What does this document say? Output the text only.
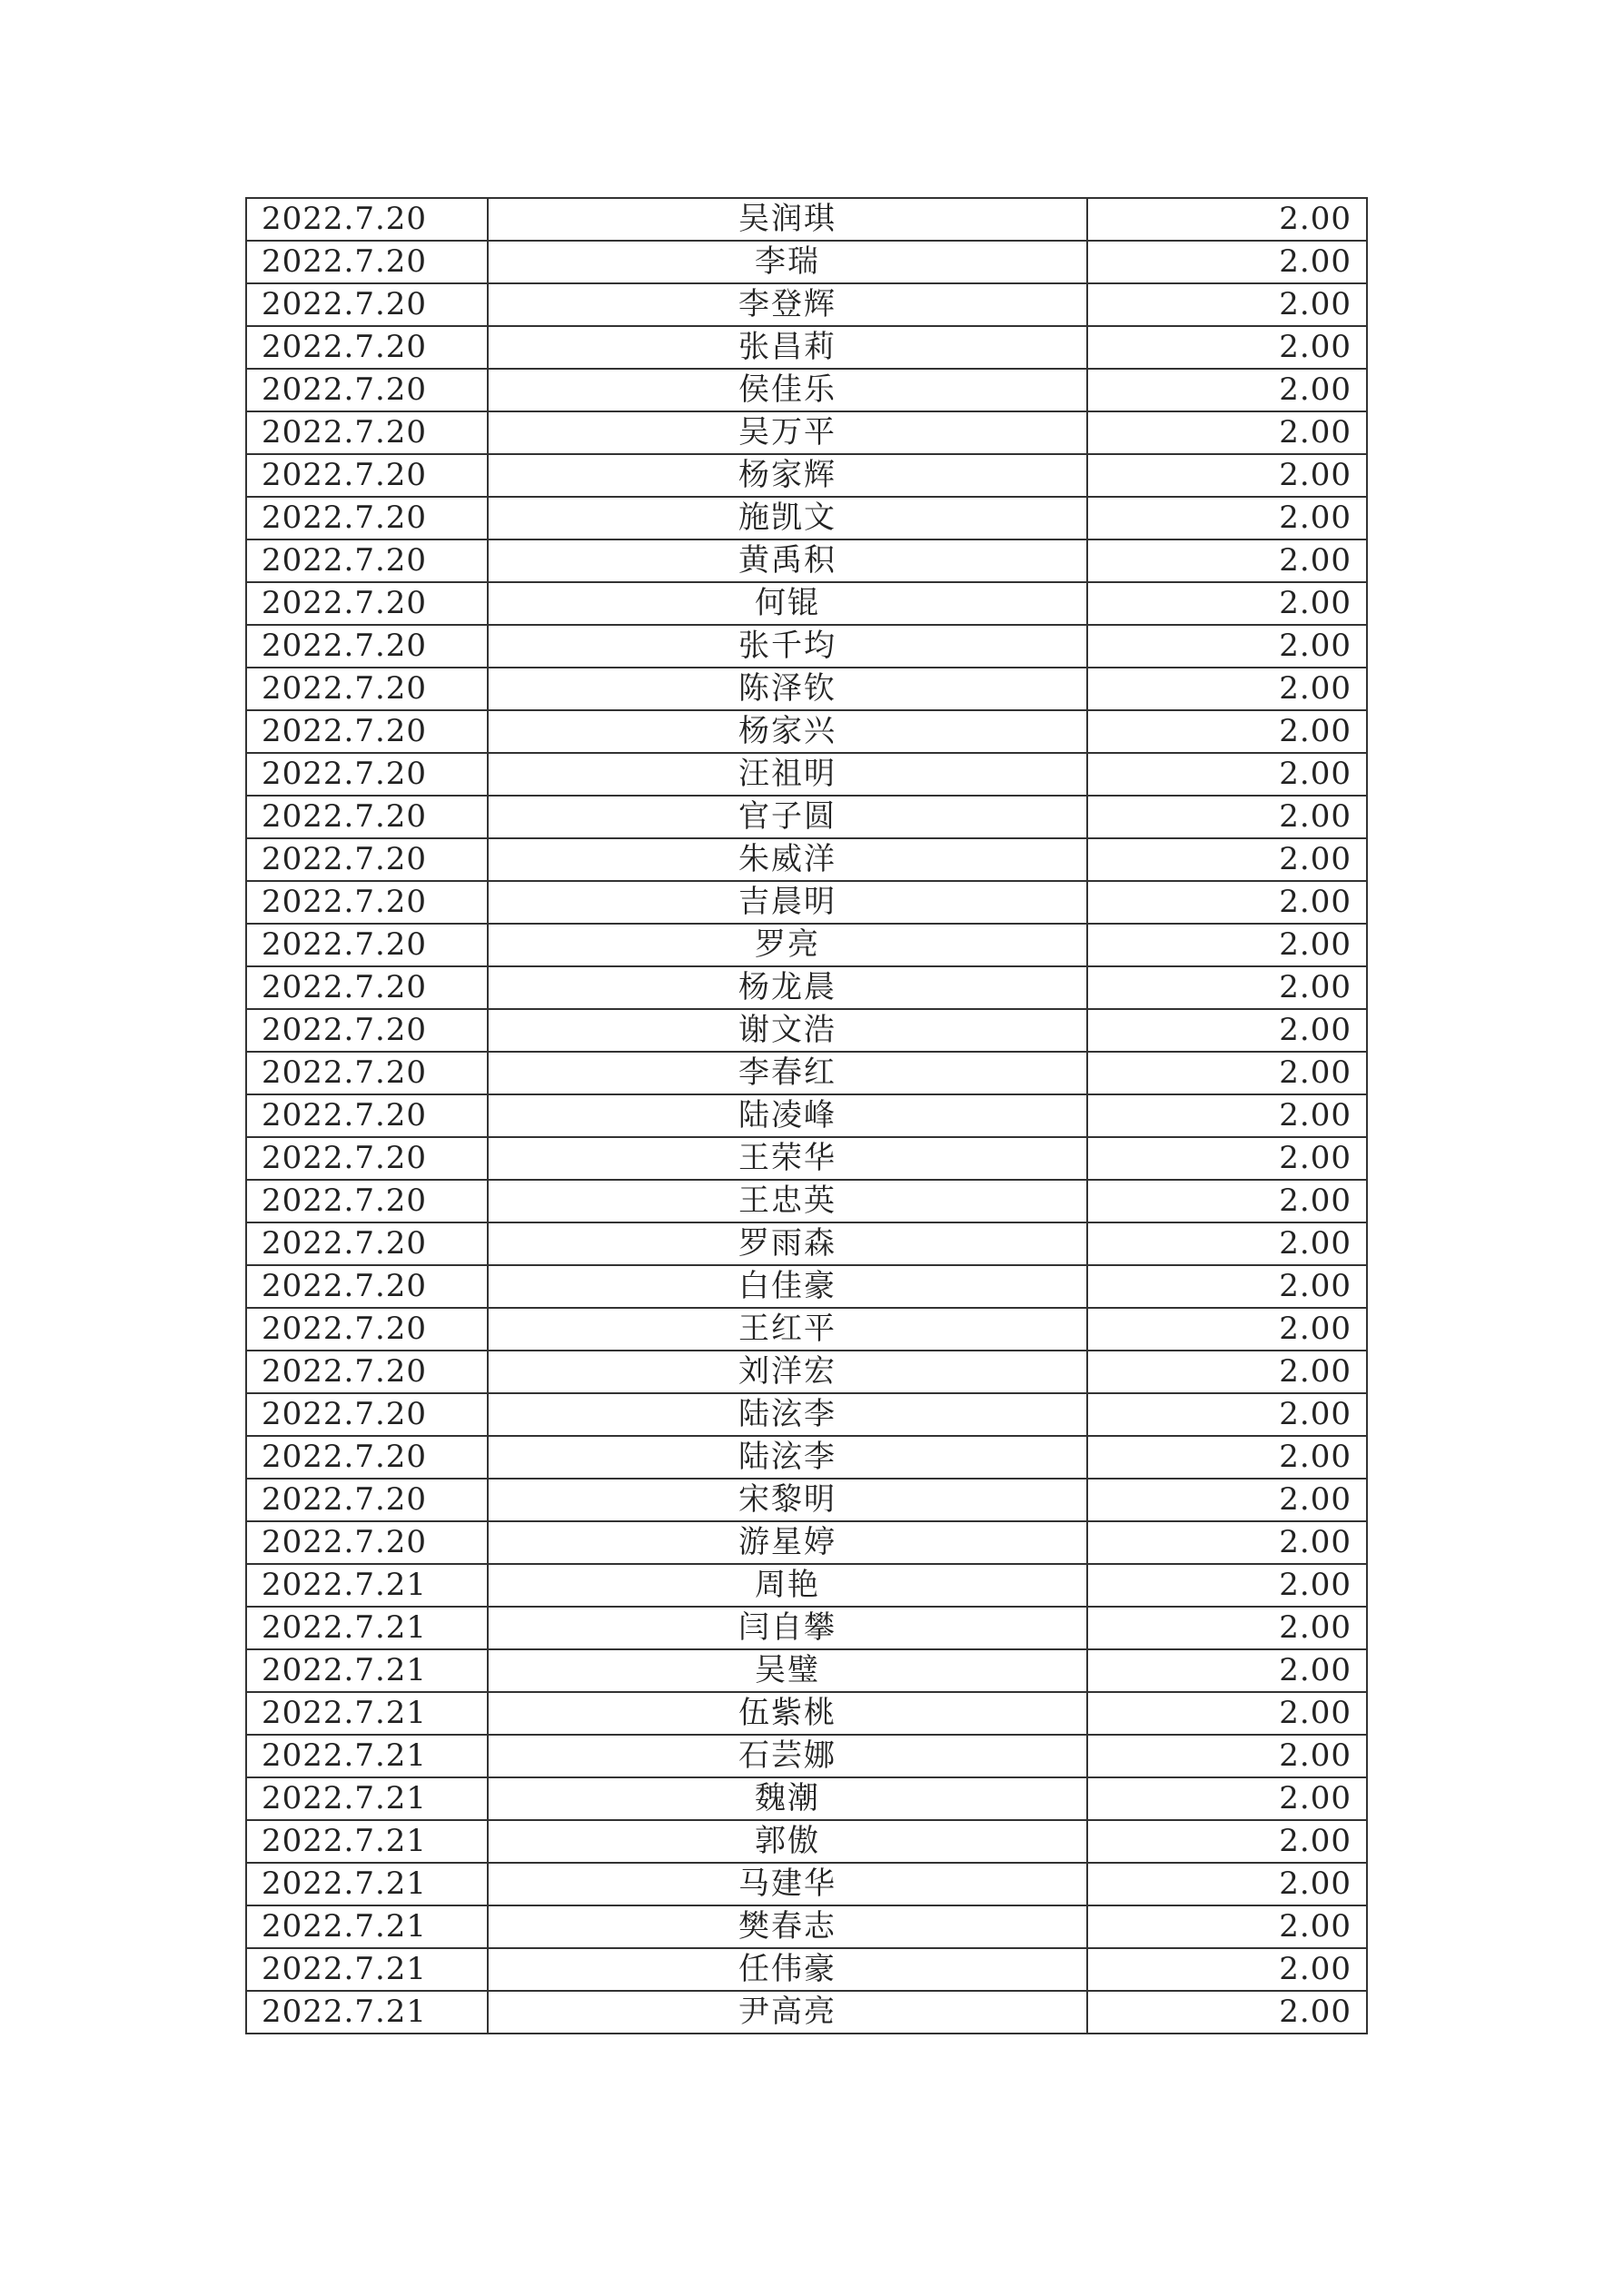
2022.7.20	吴润琪	2.00
2022.7.20	李瑞	2.00
2022.7.20	李登辉	2.00
2022.7.20	张昌莉	2.00
2022.7.20	侯佳乐	2.00
2022.7.20	吴万平	2.00
2022.7.20	杨家辉	2.00
2022.7.20	施凯文	2.00
2022.7.20	黄禹积	2.00
2022.7.20	何锟	2.00
2022.7.20	张千均	2.00
2022.7.20	陈泽钦	2.00
2022.7.20	杨家兴	2.00
2022.7.20	汪祖明	2.00
2022.7.20	官子圆	2.00
2022.7.20	朱威洋	2.00
2022.7.20	吉晨明	2.00
2022.7.20	罗亮	2.00
2022.7.20	杨龙晨	2.00
2022.7.20	谢文浩	2.00
2022.7.20	李春红	2.00
2022.7.20	陆凌峰	2.00
2022.7.20	王荣华	2.00
2022.7.20	王忠英	2.00
2022.7.20	罗雨森	2.00
2022.7.20	白佳豪	2.00
2022.7.20	王红平	2.00
2022.7.20	刘洋宏	2.00
2022.7.20	陆泫李	2.00
2022.7.20	陆泫李	2.00
2022.7.20	宋黎明	2.00
2022.7.20	游星婷	2.00
2022.7.21	周艳	2.00
2022.7.21	闫自攀	2.00
2022.7.21	吴璧	2.00
2022.7.21	伍紫桃	2.00
2022.7.21	石芸娜	2.00
2022.7.21	魏潮	2.00
2022.7.21	郭傲	2.00
2022.7.21	马建华	2.00
2022.7.21	樊春志	2.00
2022.7.21	任伟豪	2.00
2022.7.21	尹高亮	2.00
